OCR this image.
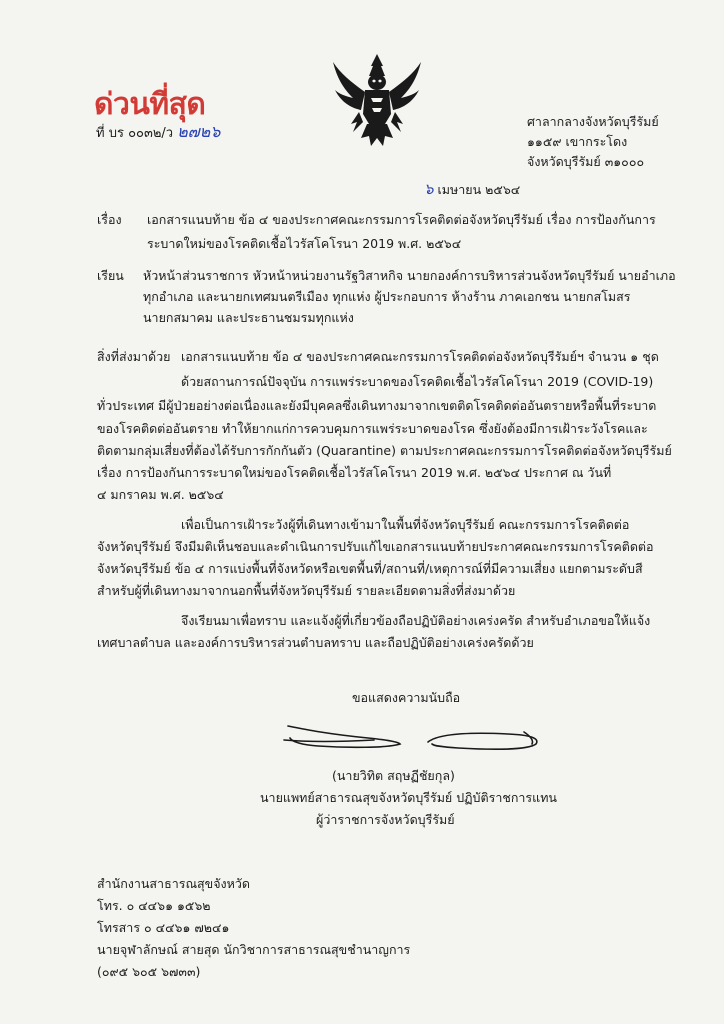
ด่วนที่สุด
ที่ บร ๐๐๓๒/ว ๒๗๒๖
ศาลากลางจังหวัดบุรีรัมย์
๑๑๕๙ เขากระโดง
จังหวัดบุรีรัมย์ ๓๑๐๐๐
๖ เมษายน ๒๕๖๔
เรื่อง เอกสารแนบท้าย ข้อ ๔ ของประกาศคณะกรรมการโรคติดต่อจังหวัดบุรีรัมย์ เรื่อง การป้องกันการ
ระบาดใหม่ของโรคติดเชื้อไวรัสโคโรนา 2019 พ.ศ. ๒๕๖๔
เรียน หัวหน้าส่วนราชการ หัวหน้าหน่วยงานรัฐวิสาหกิจ นายกองค์การบริหารส่วนจังหวัดบุรีรัมย์ นายอำเภอ
ทุกอำเภอ และนายกเทศมนตรีเมือง ทุกแห่ง ผู้ประกอบการ ห้างร้าน ภาคเอกชน นายกสโมสร
นายกสมาคม และประธานชมรมทุกแห่ง
สิ่งที่ส่งมาด้วย เอกสารแนบท้าย ข้อ ๔ ของประกาศคณะกรรมการโรคติดต่อจังหวัดบุรีรัมย์ฯ จำนวน ๑ ชุด
ด้วยสถานการณ์ปัจจุบัน การแพร่ระบาดของโรคติดเชื้อไวรัสโคโรนา 2019 (COVID-19)
ทั่วประเทศ มีผู้ป่วยอย่างต่อเนื่องและยังมีบุคคลซึ่งเดินทางมาจากเขตติดโรคติดต่ออันตรายหรือพื้นที่ระบาด
ของโรคติดต่ออันตราย ทำให้ยากแก่การควบคุมการแพร่ระบาดของโรค ซึ่งยังต้องมีการเฝ้าระวังโรคและ
ติดตามกลุ่มเสี่ยงที่ต้องได้รับการกักกันตัว (Quarantine) ตามประกาศคณะกรรมการโรคติดต่อจังหวัดบุรีรัมย์
เรื่อง การป้องกันการระบาดใหม่ของโรคติดเชื้อไวรัสโคโรนา 2019 พ.ศ. ๒๕๖๔ ประกาศ ณ วันที่
๔ มกราคม พ.ศ. ๒๕๖๔
เพื่อเป็นการเฝ้าระวังผู้ที่เดินทางเข้ามาในพื้นที่จังหวัดบุรีรัมย์ คณะกรรมการโรคติดต่อ
จังหวัดบุรีรัมย์ จึงมีมติเห็นชอบและดำเนินการปรับแก้ไขเอกสารแนบท้ายประกาศคณะกรรมการโรคติดต่อ
จังหวัดบุรีรัมย์ ข้อ ๔ การแบ่งพื้นที่จังหวัดหรือเขตพื้นที่/สถานที่/เหตุการณ์ที่มีความเสี่ยง แยกตามระดับสี
สำหรับผู้ที่เดินทางมาจากนอกพื้นที่จังหวัดบุรีรัมย์ รายละเอียดตามสิ่งที่ส่งมาด้วย
จึงเรียนมาเพื่อทราบ และแจ้งผู้ที่เกี่ยวข้องถือปฏิบัติอย่างเคร่งครัด สำหรับอำเภอขอให้แจ้ง
เทศบาลตำบล และองค์การบริหารส่วนตำบลทราบ และถือปฏิบัติอย่างเคร่งครัดด้วย
ขอแสดงความนับถือ
(นายวิทิต สฤษฏีชัยกุล)
นายแพทย์สาธารณสุขจังหวัดบุรีรัมย์ ปฏิบัติราชการแทน
ผู้ว่าราชการจังหวัดบุรีรัมย์
สำนักงานสาธารณสุขจังหวัด
โทร. ๐ ๔๔๖๑ ๑๕๖๒
โทรสาร ๐ ๔๔๖๑ ๗๒๔๑
นายจุฬาลักษณ์ สายสุด นักวิชาการสาธารณสุขชำนาญการ
(๐๙๕ ๖๐๕ ๖๗๓๓)
